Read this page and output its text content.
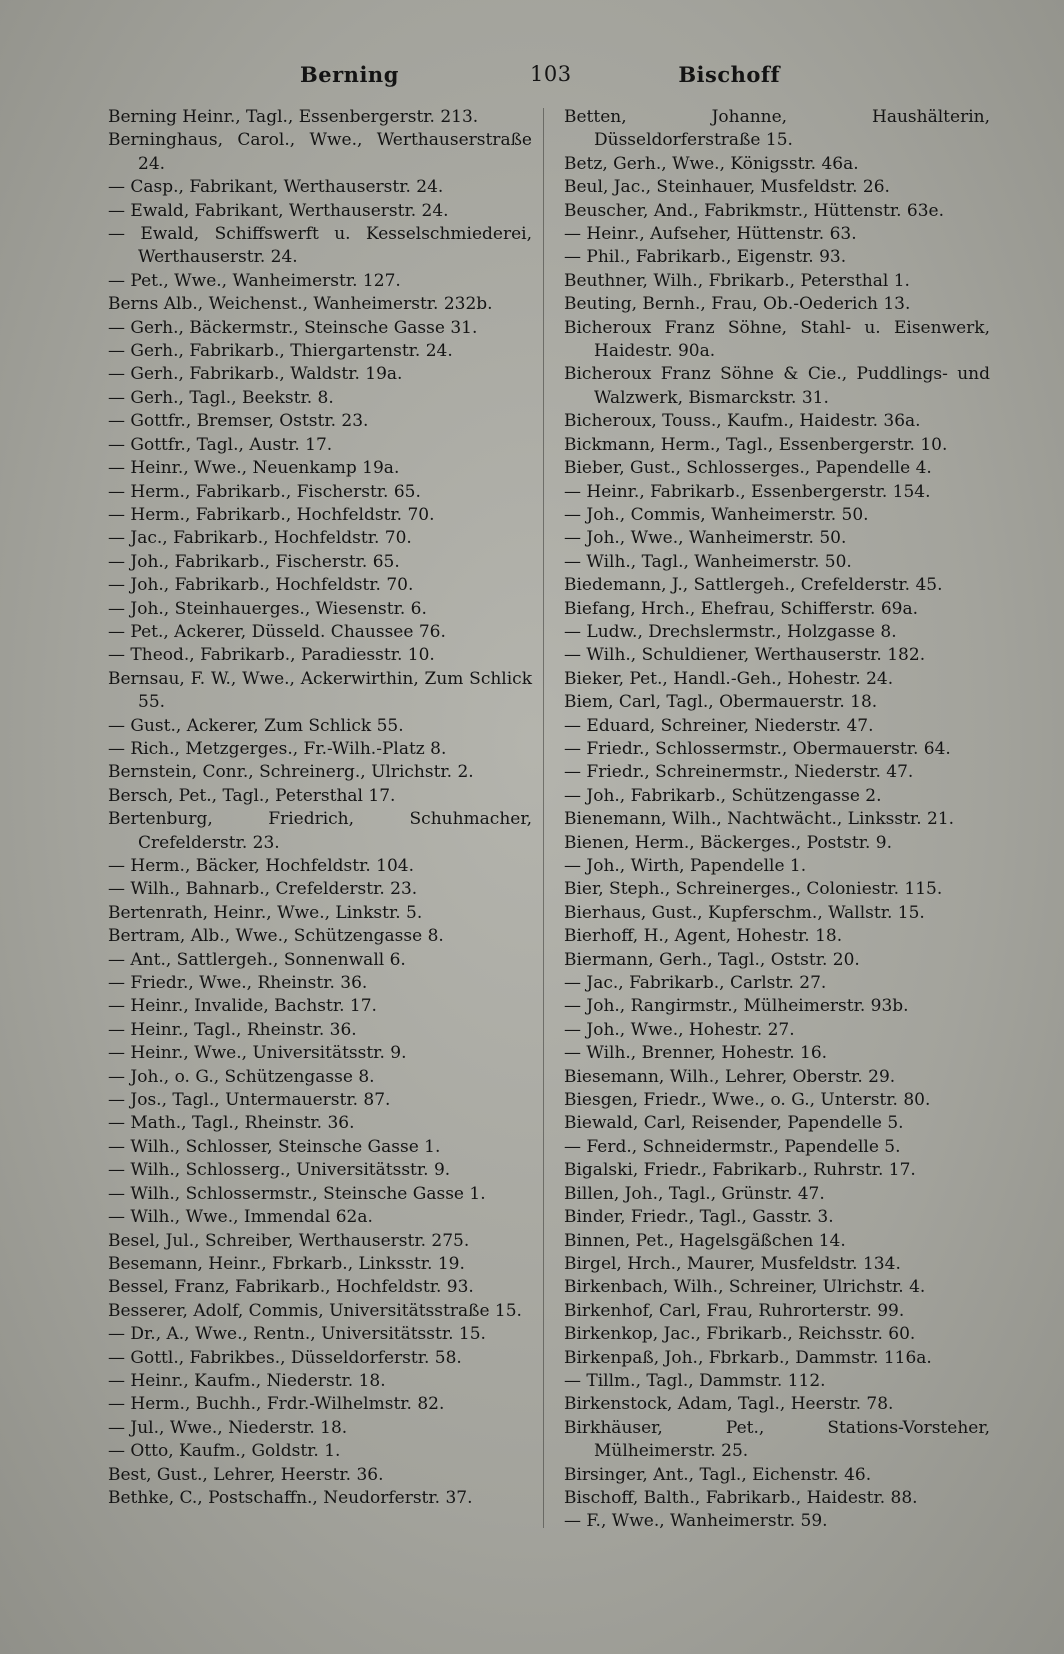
Berning	103	Bischoff
Berning Heinr., Tagl., Essenbergerstr. 213.
Berninghaus, Carol., Wwe., Werthauserstraße 24.
— Casp., Fabrikant, Werthauserstr. 24.
— Ewald, Fabrikant, Werthauserstr. 24.
— Ewald, Schiffswerft u. Kesselschmiederei, Werthauserstr. 24.
— Pet., Wwe., Wanheimerstr. 127.
Berns Alb., Weichenst., Wanheimerstr. 232b.
— Gerh., Bäckermstr., Steinsche Gasse 31.
— Gerh., Fabrikarb., Thiergartenstr. 24.
— Gerh., Fabrikarb., Waldstr. 19a.
— Gerh., Tagl., Beekstr. 8.
— Gottfr., Bremser, Oststr. 23.
— Gottfr., Tagl., Austr. 17.
— Heinr., Wwe., Neuenkamp 19a.
— Herm., Fabrikarb., Fischerstr. 65.
— Herm., Fabrikarb., Hochfeldstr. 70.
— Jac., Fabrikarb., Hochfeldstr. 70.
— Joh., Fabrikarb., Fischerstr. 65.
— Joh., Fabrikarb., Hochfeldstr. 70.
— Joh., Steinhauerges., Wiesenstr. 6.
— Pet., Ackerer, Düsseld. Chaussee 76.
— Theod., Fabrikarb., Paradiesstr. 10.
Bernsau, F. W., Wwe., Ackerwirthin, Zum Schlick 55.
— Gust., Ackerer, Zum Schlick 55.
— Rich., Metzgerges., Fr.-Wilh.-Platz 8.
Bernstein, Conr., Schreinerg., Ulrichstr. 2.
Bersch, Pet., Tagl., Petersthal 17.
Bertenburg, Friedrich, Schuhmacher, Crefelderstr. 23.
— Herm., Bäcker, Hochfeldstr. 104.
— Wilh., Bahnarb., Crefelderstr. 23.
Bertenrath, Heinr., Wwe., Linkstr. 5.
Bertram, Alb., Wwe., Schützengasse 8.
— Ant., Sattlergeh., Sonnenwall 6.
— Friedr., Wwe., Rheinstr. 36.
— Heinr., Invalide, Bachstr. 17.
— Heinr., Tagl., Rheinstr. 36.
— Heinr., Wwe., Universitätsstr. 9.
— Joh., o. G., Schützengasse 8.
— Jos., Tagl., Untermauerstr. 87.
— Math., Tagl., Rheinstr. 36.
— Wilh., Schlosser, Steinsche Gasse 1.
— Wilh., Schlosserg., Universitätsstr. 9.
— Wilh., Schlossermstr., Steinsche Gasse 1.
— Wilh., Wwe., Immendal 62a.
Besel, Jul., Schreiber, Werthauserstr. 275.
Besemann, Heinr., Fbrkarb., Linksstr. 19.
Bessel, Franz, Fabrikarb., Hochfeldstr. 93.
Besserer, Adolf, Commis, Universitätsstraße 15.
— Dr., A., Wwe., Rentn., Universitätsstr. 15.
— Gottl., Fabrikbes., Düsseldorferstr. 58.
— Heinr., Kaufm., Niederstr. 18.
— Herm., Buchh., Frdr.-Wilhelmstr. 82.
— Jul., Wwe., Niederstr. 18.
— Otto, Kaufm., Goldstr. 1.
Best, Gust., Lehrer, Heerstr. 36.
Bethke, C., Postschaffn., Neudorferstr. 37.
Betten, Johanne, Haushälterin, Düsseldorferstraße 15.
Betz, Gerh., Wwe., Königsstr. 46a.
Beul, Jac., Steinhauer, Musfeldstr. 26.
Beuscher, And., Fabrikmstr., Hüttenstr. 63e.
— Heinr., Aufseher, Hüttenstr. 63.
— Phil., Fabrikarb., Eigenstr. 93.
Beuthner, Wilh., Fbrikarb., Petersthal 1.
Beuting, Bernh., Frau, Ob.-Oederich 13.
Bicheroux Franz Söhne, Stahl- u. Eisenwerk, Haidestr. 90a.
Bicheroux Franz Söhne & Cie., Puddlings- und Walzwerk, Bismarckstr. 31.
Bicheroux, Touss., Kaufm., Haidestr. 36a.
Bickmann, Herm., Tagl., Essenbergerstr. 10.
Bieber, Gust., Schlosserges., Papendelle 4.
— Heinr., Fabrikarb., Essenbergerstr. 154.
— Joh., Commis, Wanheimerstr. 50.
— Joh., Wwe., Wanheimerstr. 50.
— Wilh., Tagl., Wanheimerstr. 50.
Biedemann, J., Sattlergeh., Crefelderstr. 45.
Biefang, Hrch., Ehefrau, Schifferstr. 69a.
— Ludw., Drechslermstr., Holzgasse 8.
— Wilh., Schuldiener, Werthauserstr. 182.
Bieker, Pet., Handl.-Geh., Hohestr. 24.
Biem, Carl, Tagl., Obermauerstr. 18.
— Eduard, Schreiner, Niederstr. 47.
— Friedr., Schlossermstr., Obermauerstr. 64.
— Friedr., Schreinermstr., Niederstr. 47.
— Joh., Fabrikarb., Schützengasse 2.
Bienemann, Wilh., Nachtwächt., Linksstr. 21.
Bienen, Herm., Bäckerges., Poststr. 9.
— Joh., Wirth, Papendelle 1.
Bier, Steph., Schreinerges., Coloniestr. 115.
Bierhaus, Gust., Kupferschm., Wallstr. 15.
Bierhoff, H., Agent, Hohestr. 18.
Biermann, Gerh., Tagl., Oststr. 20.
— Jac., Fabrikarb., Carlstr. 27.
— Joh., Rangirmstr., Mülheimerstr. 93b.
— Joh., Wwe., Hohestr. 27.
— Wilh., Brenner, Hohestr. 16.
Biesemann, Wilh., Lehrer, Oberstr. 29.
Biesgen, Friedr., Wwe., o. G., Unterstr. 80.
Biewald, Carl, Reisender, Papendelle 5.
— Ferd., Schneidermstr., Papendelle 5.
Bigalski, Friedr., Fabrikarb., Ruhrstr. 17.
Billen, Joh., Tagl., Grünstr. 47.
Binder, Friedr., Tagl., Gasstr. 3.
Binnen, Pet., Hagelsgäßchen 14.
Birgel, Hrch., Maurer, Musfeldstr. 134.
Birkenbach, Wilh., Schreiner, Ulrichstr. 4.
Birkenhof, Carl, Frau, Ruhrorterstr. 99.
Birkenkop, Jac., Fbrikarb., Reichsstr. 60.
Birkenpaß, Joh., Fbrkarb., Dammstr. 116a.
— Tillm., Tagl., Dammstr. 112.
Birkenstock, Adam, Tagl., Heerstr. 78.
Birkhäuser, Pet., Stations-Vorsteher, Mülheimerstr. 25.
Birsinger, Ant., Tagl., Eichenstr. 46.
Bischoff, Balth., Fabrikarb., Haidestr. 88.
— F., Wwe., Wanheimerstr. 59.
